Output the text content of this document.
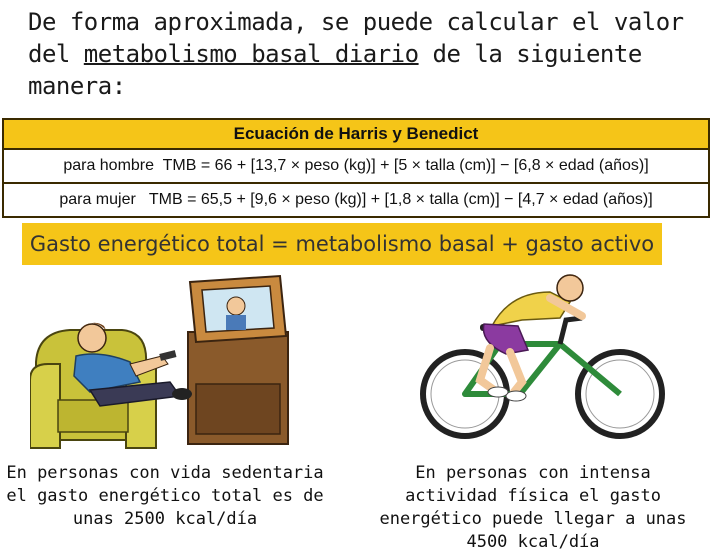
De forma aproximada, se puede calcular el valor del metabolismo basal diario de la siguiente manera:
Ecuación de Harris y Benedict
para hombre TMB = 66 + [13,7 × peso (kg)] + [5 × talla (cm)] − [6,8 × edad (años)]
para mujer TMB = 65,5 + [9,6 × peso (kg)] + [1,8 × talla (cm)] − [4,7 × edad (años)]
Gasto energético total = metabolismo basal + gasto activo
En personas con vida sedentaria el gasto energético total es de unas 2500 kcal/día
En personas con intensa actividad física el gasto energético puede llegar a unas 4500 kcal/día
